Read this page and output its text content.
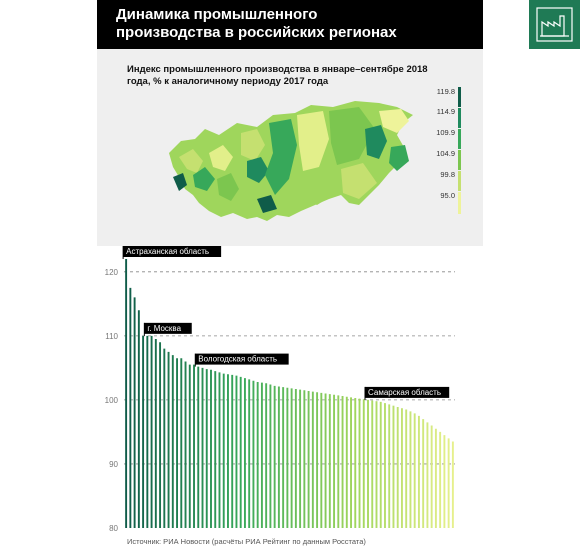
Динамика промышленного производства в российских регионах

Индекс промышленного производства в январе–сентябре 2018 года, % к аналогичному периоду 2017 года

119.8
114.9
109.9
104.9
99.8
95.0
80
90
100
110
120
Астраханская область
г. Москва
Вологодская область
Самарская область
Источник: РИА Новости (расчёты РИА Рейтинг по данным Росстата)
